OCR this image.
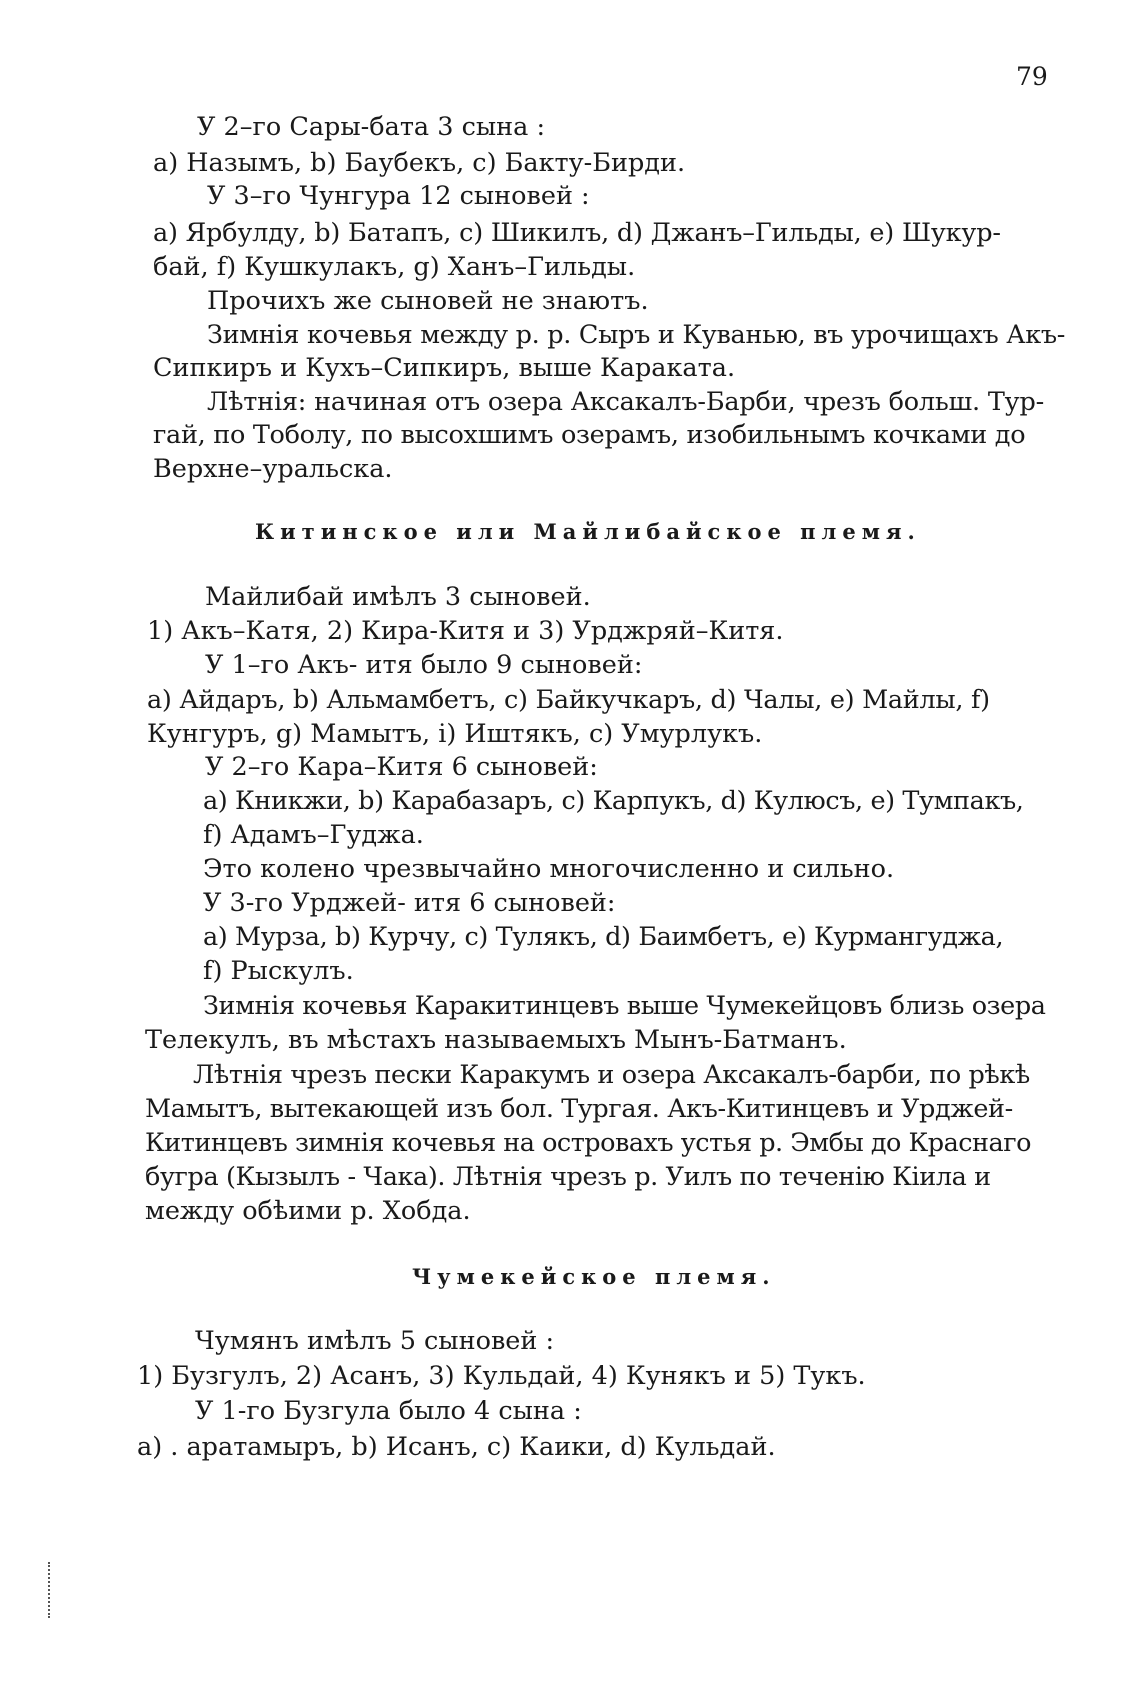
79
У 2–го Сары-бата 3 сына :
а) Назымъ, b) Баубекъ, с) Бакту-Бирди.
У 3–го Чунгура 12 сыновей :
а) Ярбулду, b) Батапъ, с) Шикилъ, d) Джанъ–Гильды, е) Шукур-
бай, f) Кушкулакъ, g) Ханъ–Гильды.
Прочихъ же сыновей не знаютъ.
Зимнія кочевья между р. р. Сыръ и Куванью, въ урочищахъ Акъ-
Сипкиръ и Кухъ–Сипкиръ, выше Караката.
Лѣтнія: начиная отъ озера Аксакалъ-Барби, чрезъ больш. Тур-
гай, по Тоболу, по высохшимъ озерамъ, изобильнымъ кочками до
Верхне–уральска.
Китинское или Майлибайское племя.
Майлибай имѣлъ 3 сыновей.
1) Акъ–Катя, 2) Кира-Китя и 3) Урджряй–Китя.
У 1–го Акъ- итя было 9 сыновей:
а) Айдаръ, b) Альмамбетъ, с) Байкучкаръ, d) Чалы, е) Майлы, f)
Кунгуръ, g) Мамытъ, i) Иштякъ, с) Умурлукъ.
У 2–го Кара–Китя 6 сыновей:
а) Кникжи, b) Карабазаръ, с) Карпукъ, d) Кулюсъ, е) Тумпакъ,
f) Адамъ–Гуджа.
Это колено чрезвычайно многочисленно и сильно.
У 3-го Урджей- итя 6 сыновей:
а) Мурза, b) Курчу, с) Тулякъ, d) Баимбетъ, е) Курмангуджа,
f) Рыскулъ.
Зимнія кочевья Каракитинцевъ выше Чумекейцовъ близь озера
Телекулъ, въ мѣстахъ называемыхъ Мынъ-Батманъ.
Лѣтнія чрезъ пески Каракумъ и озера Аксакалъ-барби, по рѣкѣ
Мамытъ, вытекающей изъ бол. Тургая. Акъ-Китинцевъ и Урджей-
Китинцевъ зимнія кочевья на островахъ устья р. Эмбы до Краснаго
бугра (Кызылъ - Чака). Лѣтнія чрезъ р. Уилъ по теченію Кіила и
между обѣими р. Хобда.
Чумекейское племя.
Чумянъ имѣлъ 5 сыновей :
1) Бузгулъ, 2) Асанъ, 3) Кульдай, 4) Кунякъ и 5) Тукъ.
У 1-го Бузгула было 4 сына :
а) . аратамыръ, b) Исанъ, с) Каики, d) Кульдай.
